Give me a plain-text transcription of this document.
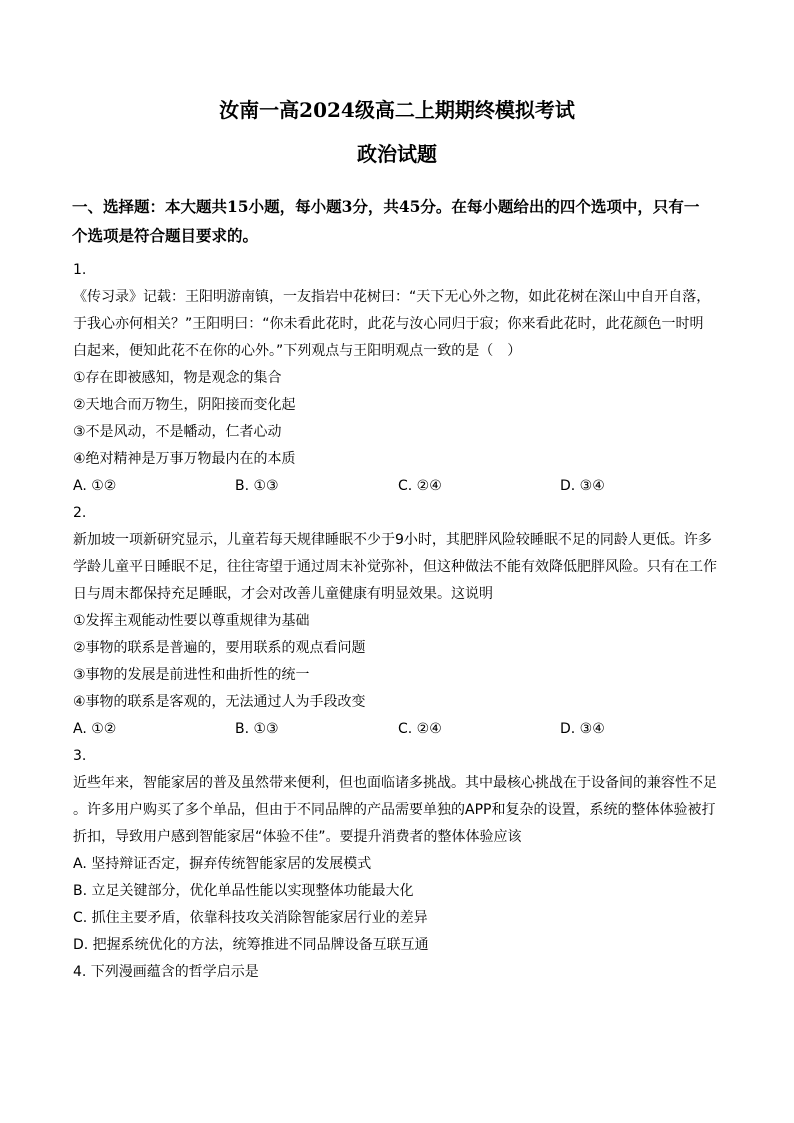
汝南一高2024级高二上期期终模拟考试
政治试题
一、选择题：本大题共15小题，每小题3分，共45分。在每小题给出的四个选项中，只有一
个选项是符合题目要求的。
1.
《传习录》记载：王阳明游南镇，一友指岩中花树曰：“天下无心外之物，如此花树在深山中自开自落，
于我心亦何相关？”王阳明曰：“你未看此花时，此花与汝心同归于寂；你来看此花时，此花颜色一时明
白起来，便知此花不在你的心外。”下列观点与王阳明观点一致的是（　）
①存在即被感知，物是观念的集合
②天地合而万物生，阴阳接而变化起
③不是风动，不是幡动，仁者心动
④绝对精神是万事万物最内在的本质
A. ①②	B. ①③	C. ②④	D. ③④
2.
新加坡一项新研究显示，儿童若每天规律睡眠不少于9小时，其肥胖风险较睡眠不足的同龄人更低。许多
学龄儿童平日睡眠不足，往往寄望于通过周末补觉弥补，但这种做法不能有效降低肥胖风险。只有在工作
日与周末都保持充足睡眠，才会对改善儿童健康有明显效果。这说明
①发挥主观能动性要以尊重规律为基础
②事物的联系是普遍的，要用联系的观点看问题
③事物的发展是前进性和曲折性的统一
④事物的联系是客观的，无法通过人为手段改变
A. ①②	B. ①③	C. ②④	D. ③④
3.
近些年来，智能家居的普及虽然带来便利，但也面临诸多挑战。其中最核心挑战在于设备间的兼容性不足
。许多用户购买了多个单品，但由于不同品牌的产品需要单独的APP和复杂的设置，系统的整体体验被打
折扣，导致用户感到智能家居“体验不佳”。要提升消费者的整体体验应该
A. 坚持辩证否定，摒弃传统智能家居的发展模式
B. 立足关键部分，优化单品性能以实现整体功能最大化
C. 抓住主要矛盾，依靠科技攻关消除智能家居行业的差异
D. 把握系统优化的方法，统筹推进不同品牌设备互联互通
4. 下列漫画蕴含的哲学启示是
